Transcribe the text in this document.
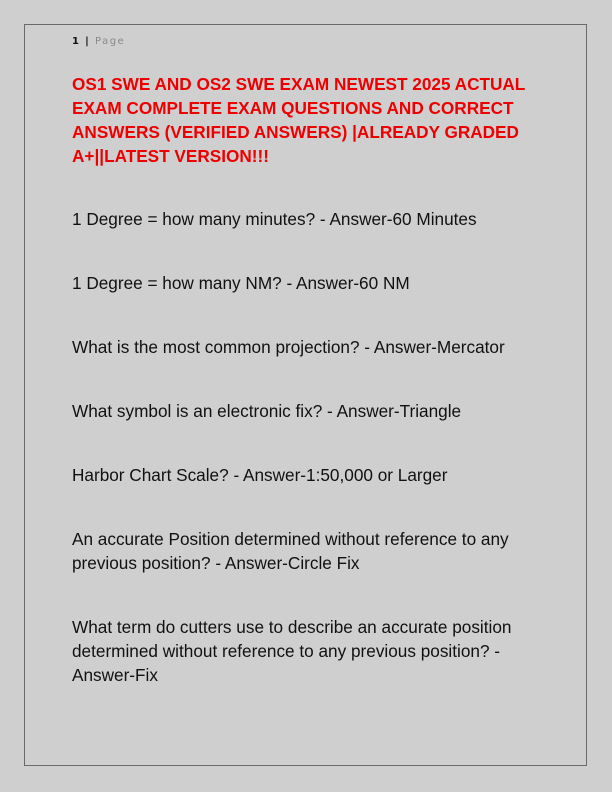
1 | Page
OS1 SWE AND OS2 SWE EXAM NEWEST 2025 ACTUAL EXAM COMPLETE EXAM QUESTIONS AND CORRECT ANSWERS (VERIFIED ANSWERS) |ALREADY GRADED A+||LATEST VERSION!!!
1 Degree = how many minutes? - Answer-60 Minutes
1 Degree = how many NM? - Answer-60 NM
What is the most common projection? - Answer-Mercator
What symbol is an electronic fix? - Answer-Triangle
Harbor Chart Scale? - Answer-1:50,000 or Larger
An accurate Position determined without reference to any previous position? - Answer-Circle Fix
What term do cutters use to describe an accurate position determined without reference to any previous position? - Answer-Fix
